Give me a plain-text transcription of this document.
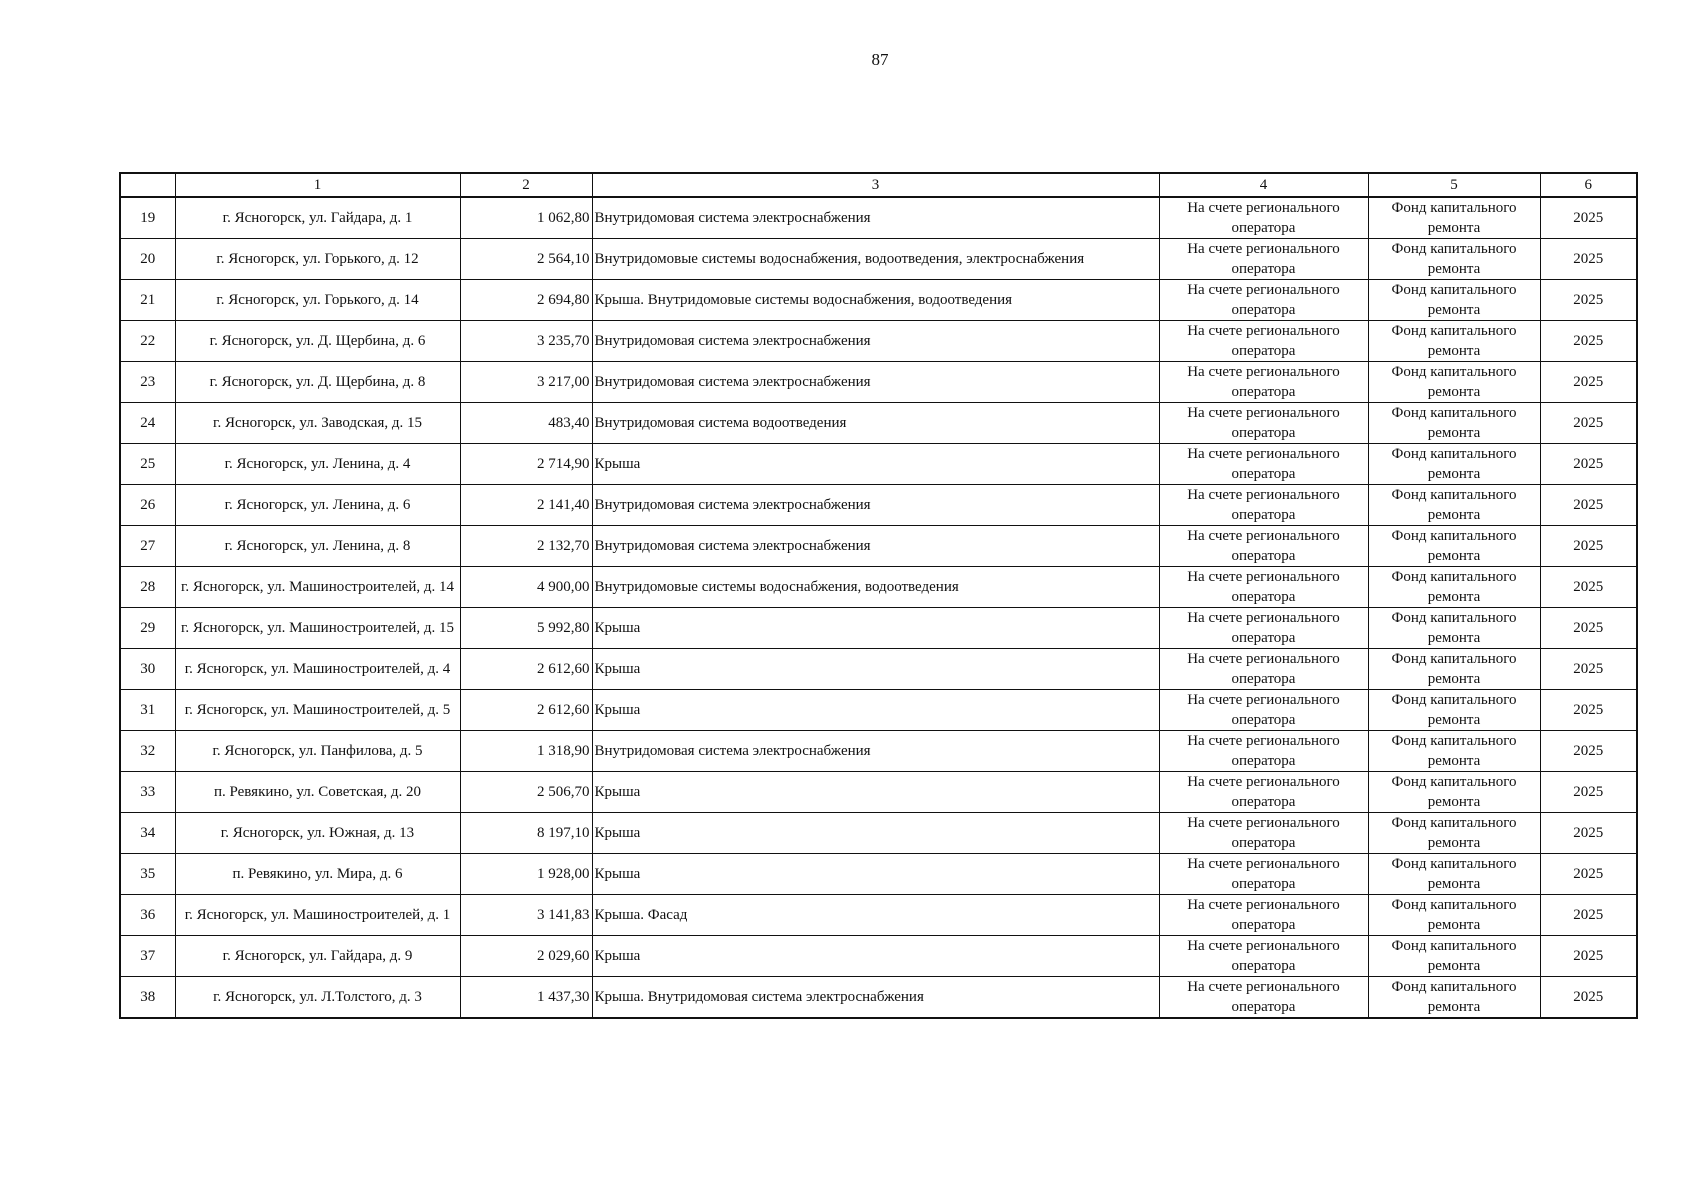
87
	1	2	3	4	5	6
19	г. Ясногорск, ул. Гайдара, д. 1	1 062,80	Внутридомовая система электроснабжения	На счете регионального оператора	Фонд капитального ремонта	2025
20	г. Ясногорск, ул. Горького, д. 12	2 564,10	Внутридомовые системы водоснабжения, водоотведения, электроснабжения	На счете регионального оператора	Фонд капитального ремонта	2025
21	г. Ясногорск, ул. Горького, д. 14	2 694,80	Крыша. Внутридомовые системы водоснабжения, водоотведения	На счете регионального оператора	Фонд капитального ремонта	2025
22	г. Ясногорск, ул. Д. Щербина, д. 6	3 235,70	Внутридомовая система электроснабжения	На счете регионального оператора	Фонд капитального ремонта	2025
23	г. Ясногорск, ул. Д. Щербина, д. 8	3 217,00	Внутридомовая система электроснабжения	На счете регионального оператора	Фонд капитального ремонта	2025
24	г. Ясногорск, ул. Заводская, д. 15	483,40	Внутридомовая система водоотведения	На счете регионального оператора	Фонд капитального ремонта	2025
25	г. Ясногорск, ул. Ленина, д. 4	2 714,90	Крыша	На счете регионального оператора	Фонд капитального ремонта	2025
26	г. Ясногорск, ул. Ленина, д. 6	2 141,40	Внутридомовая система электроснабжения	На счете регионального оператора	Фонд капитального ремонта	2025
27	г. Ясногорск, ул. Ленина, д. 8	2 132,70	Внутридомовая система электроснабжения	На счете регионального оператора	Фонд капитального ремонта	2025
28	г. Ясногорск, ул. Машиностроителей, д. 14	4 900,00	Внутридомовые системы водоснабжения, водоотведения	На счете регионального оператора	Фонд капитального ремонта	2025
29	г. Ясногорск, ул. Машиностроителей, д. 15	5 992,80	Крыша	На счете регионального оператора	Фонд капитального ремонта	2025
30	г. Ясногорск, ул. Машиностроителей, д. 4	2 612,60	Крыша	На счете регионального оператора	Фонд капитального ремонта	2025
31	г. Ясногорск, ул. Машиностроителей, д. 5	2 612,60	Крыша	На счете регионального оператора	Фонд капитального ремонта	2025
32	г. Ясногорск, ул. Панфилова, д. 5	1 318,90	Внутридомовая система электроснабжения	На счете регионального оператора	Фонд капитального ремонта	2025
33	п. Ревякино, ул. Советская, д. 20	2 506,70	Крыша	На счете регионального оператора	Фонд капитального ремонта	2025
34	г. Ясногорск, ул. Южная, д. 13	8 197,10	Крыша	На счете регионального оператора	Фонд капитального ремонта	2025
35	п. Ревякино, ул. Мира, д. 6	1 928,00	Крыша	На счете регионального оператора	Фонд капитального ремонта	2025
36	г. Ясногорск, ул. Машиностроителей, д. 1	3 141,83	Крыша. Фасад	На счете регионального оператора	Фонд капитального ремонта	2025
37	г. Ясногорск, ул. Гайдара, д. 9	2 029,60	Крыша	На счете регионального оператора	Фонд капитального ремонта	2025
38	г. Ясногорск, ул. Л.Толстого, д. 3	1 437,30	Крыша. Внутридомовая система электроснабжения	На счете регионального оператора	Фонд капитального ремонта	2025
